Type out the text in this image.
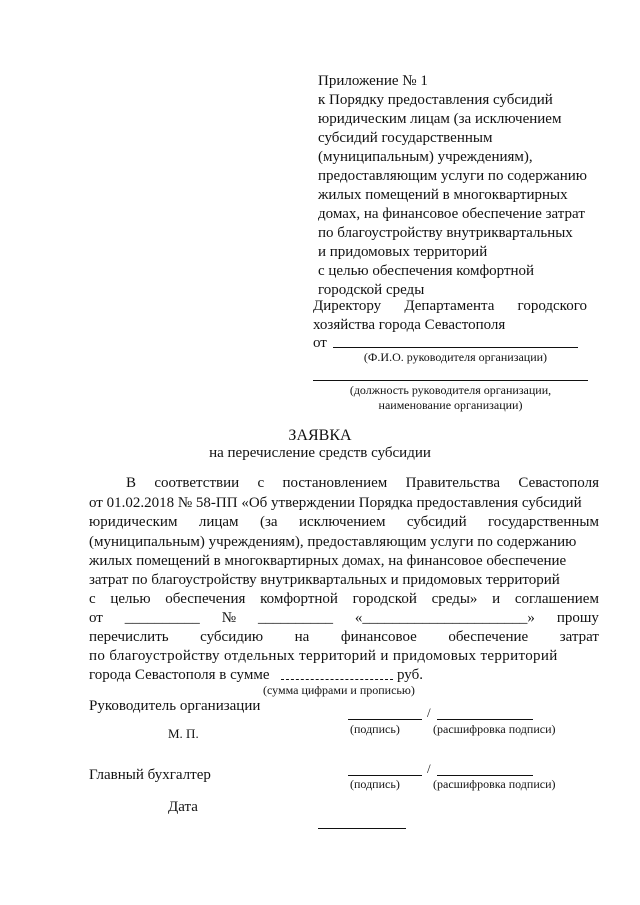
Приложение № 1
к Порядку предоставления субсидий
юридическим лицам (за исключением
субсидий государственным
(муниципальным) учреждениям),
предоставляющим услуги по содержанию
жилых помещений в многоквартирных
домах, на финансовое обеспечение затрат
по благоустройству внутриквартальных
и придомовых территорий
с целью обеспечения комфортной
городской среды
Директору Департамента городского
хозяйства города Севастополя
от
(Ф.И.О. руководителя организации)
(должность руководителя организации,
наименование организации)
ЗАЯВКА
на перечисление средств субсидии
В соответствии с постановлением Правительства Севастополя
от 01.02.2018 № 58-ПП «Об утверждении Порядка предоставления субсидий
юридическим лицам (за исключением субсидий государственным
(муниципальным) учреждениям), предоставляющим услуги по содержанию
жилых помещений в многоквартирных домах, на финансовое обеспечение
затрат по благоустройству внутриквартальных и придомовых территорий
с целью обеспечения комфортной городской среды» и соглашением
от __________ № __________ «______________________» прошу
перечислить субсидию на финансовое обеспечение затрат
по благоустройству отдельных территорий и придомовых территорий
города Севастополя в сумме	руб.
(сумма цифрами и прописью)
Руководитель организации
М. П.
/
(подпись)	(расшифровка подписи)
Главный бухгалтер	/
(подпись)	(расшифровка подписи)
Дата
